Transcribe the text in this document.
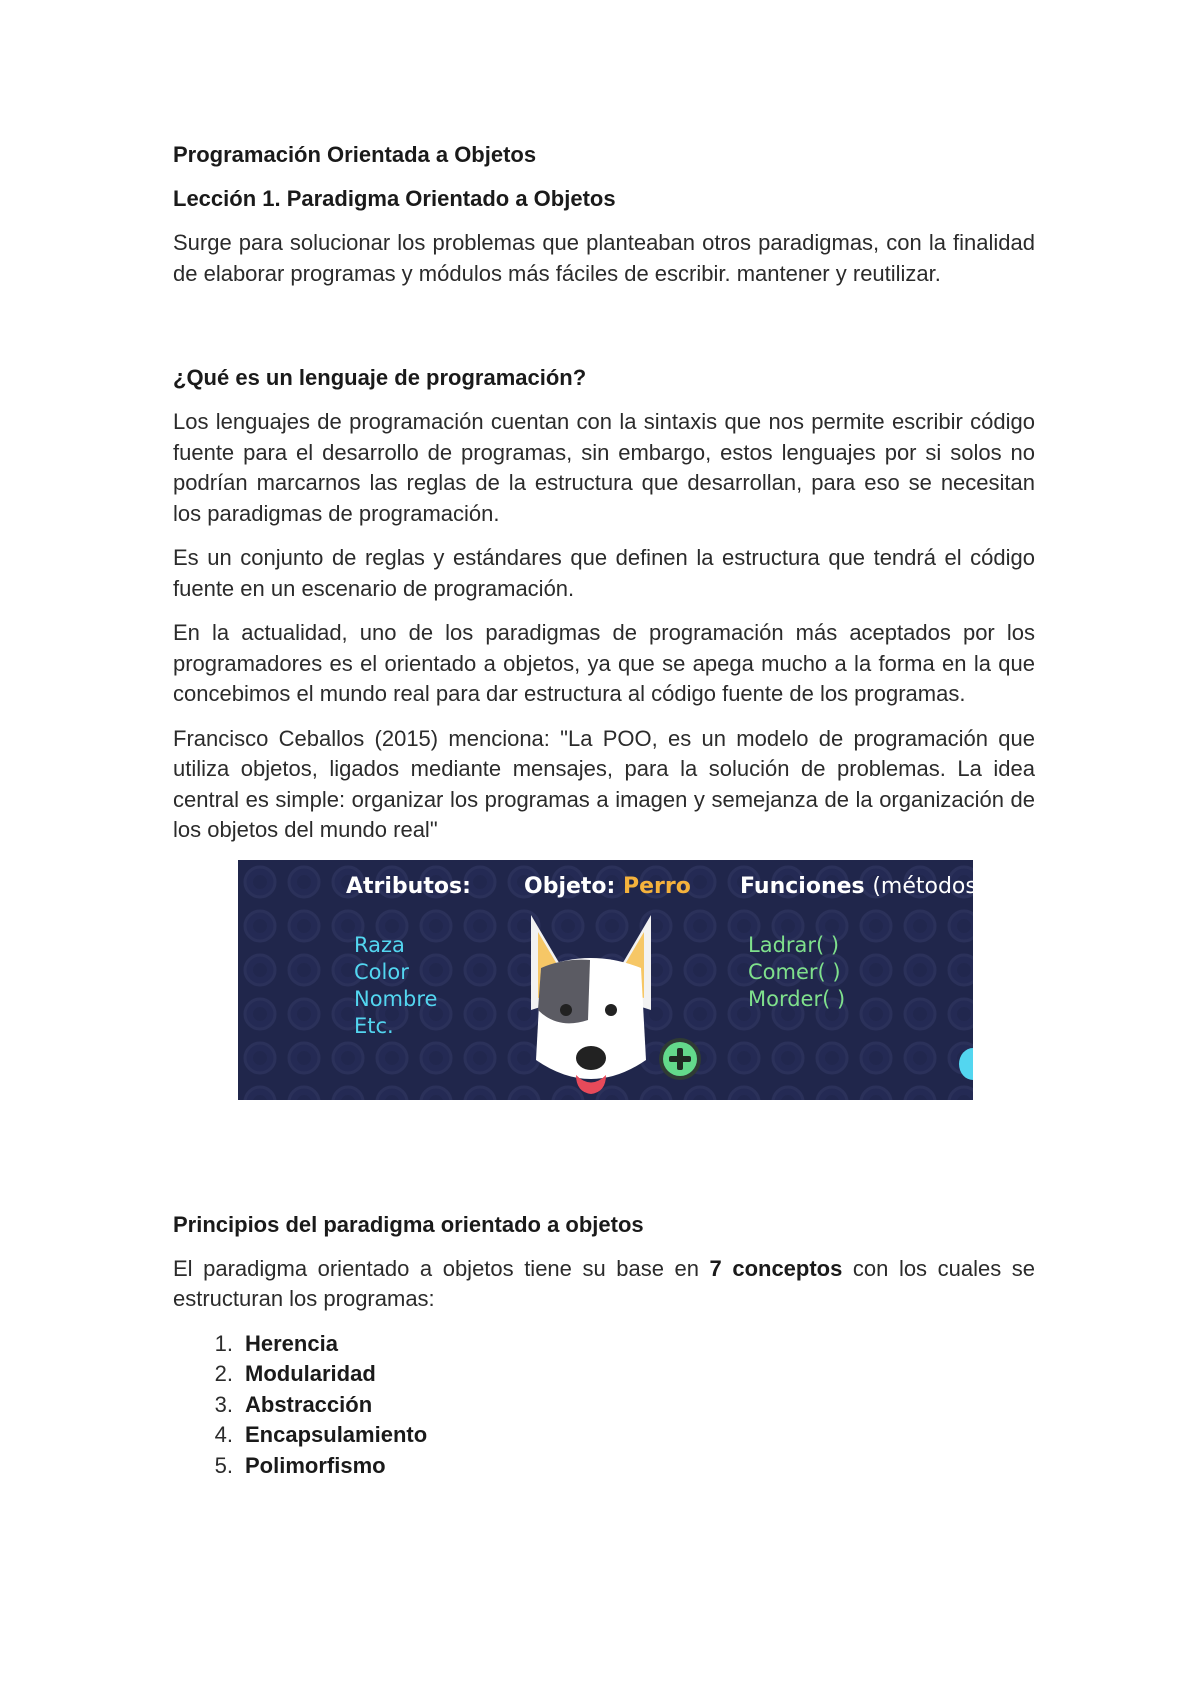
Programación Orientada a Objetos
Lección 1. Paradigma Orientado a Objetos

Surge para solucionar los problemas que planteaban otros paradigmas, con la finalidad de elaborar programas y módulos más fáciles de escribir. mantener y reutilizar.

¿Qué es un lenguaje de programación?

Los lenguajes de programación cuentan con la sintaxis que nos permite escribir código fuente para el desarrollo de programas, sin embargo, estos lenguajes por si solos no podrían marcarnos las reglas de la estructura que desarrollan, para eso se necesitan los paradigmas de programación.

Es un conjunto de reglas y estándares que definen la estructura que tendrá el código fuente en un escenario de programación.

En la actualidad, uno de los paradigmas de programación más aceptados por los programadores es el orientado a objetos, ya que se apega mucho a la forma en la que concebimos el mundo real para dar estructura al código fuente de los programas.

Francisco Ceballos (2015) menciona: "La POO, es un modelo de programación que utiliza objetos, ligados mediante mensajes, para la solución de problemas. La idea central es simple: organizar los programas a imagen y semejanza de la organización de los objetos del mundo real"

Atributos: Objeto: Perro Funciones (métodos):
Raza
Color
Nombre
Etc.
Ladrar( )
Comer( )
Morder( )
Principios del paradigma orientado a objetos

El paradigma orientado a objetos tiene su base en 7 conceptos con los cuales se estructuran los programas:

1. Herencia
2. Modularidad
3. Abstracción
4. Encapsulamiento
5. Polimorfismo
